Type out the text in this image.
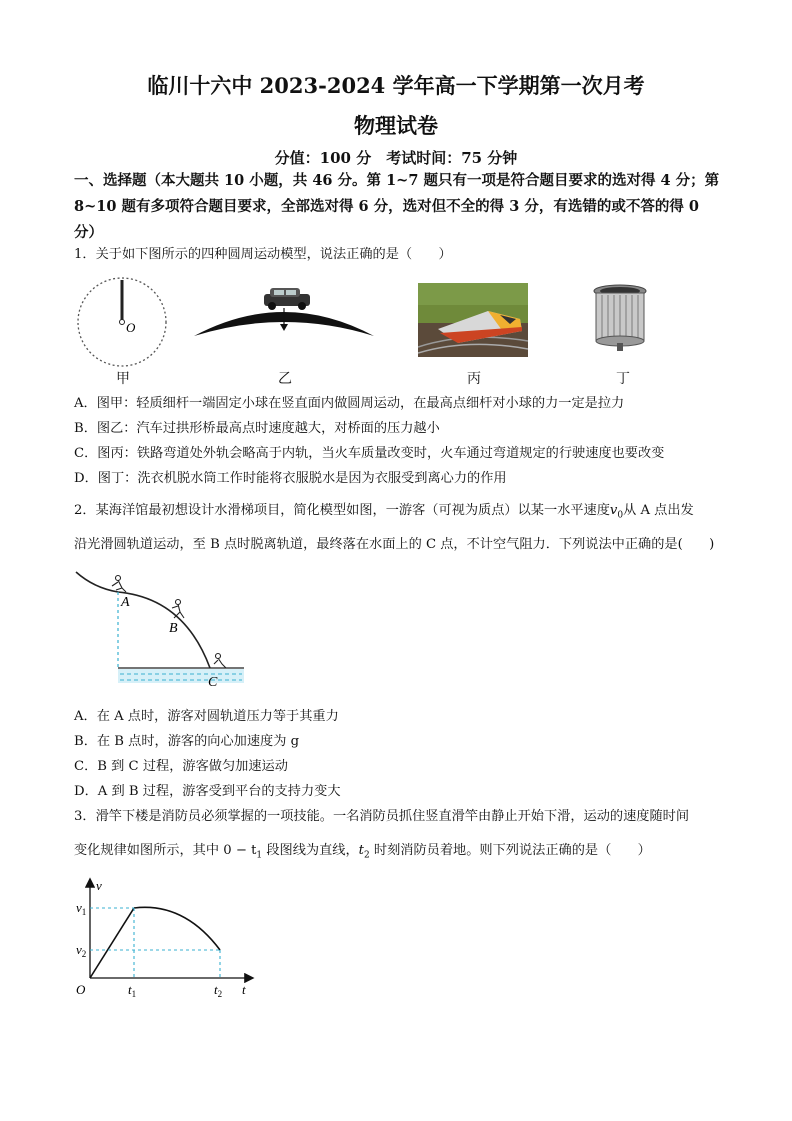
临川十六中 2023-2024 学年高一下学期第一次月考
物理试卷
分值：100 分　考试时间：75 分钟
一、选择题（本大题共 10 小题，共 46 分。第 1~7 题只有一项是符合题目要求的选对得 4 分；第 8~10 题有多项符合题目要求，全部选对得 6 分，选对但不全的得 3 分，有选错的或不答的得 0 分）
1．关于如下图所示的四种圆周运动模型，说法正确的是（　　）
O
甲	乙	丙	丁
A．图甲：轻质细杆一端固定小球在竖直面内做圆周运动，在最高点细杆对小球的力一定是拉力
B．图乙：汽车过拱形桥最高点时速度越大，对桥面的压力越小
C．图丙：铁路弯道处外轨会略高于内轨，当火车质量改变时，火车通过弯道规定的行驶速度也要改变
D．图丁：洗衣机脱水筒工作时能将衣服脱水是因为衣服受到离心力的作用
2．某海洋馆最初想设计水滑梯项目，简化模型如图，一游客（可视为质点）以某一水平速度$v_0$从 A 点出发
沿光滑圆轨道运动，至 B 点时脱离轨道，最终落在水面上的 C 点，不计空气阻力．下列说法中正确的是(　　)
A
B
C
A．在 A 点时，游客对圆轨道压力等于其重力
B．在 B 点时，游客的向心加速度为 g
C．B 到 C 过程，游客做匀加速运动
D．A 到 B 过程，游客受到平台的支持力变大
3．滑竿下楼是消防员必须掌握的一项技能。一名消防员抓住竖直滑竿由静止开始下滑，运动的速度随时间
变化规律如图所示，其中 $0 - t_1$ 段图线为直线，$t_2$ 时刻消防员着地。则下列说法正确的是（　　）
v
t
O
$v_1$
$v_2$
$t_1$	$t_2$
